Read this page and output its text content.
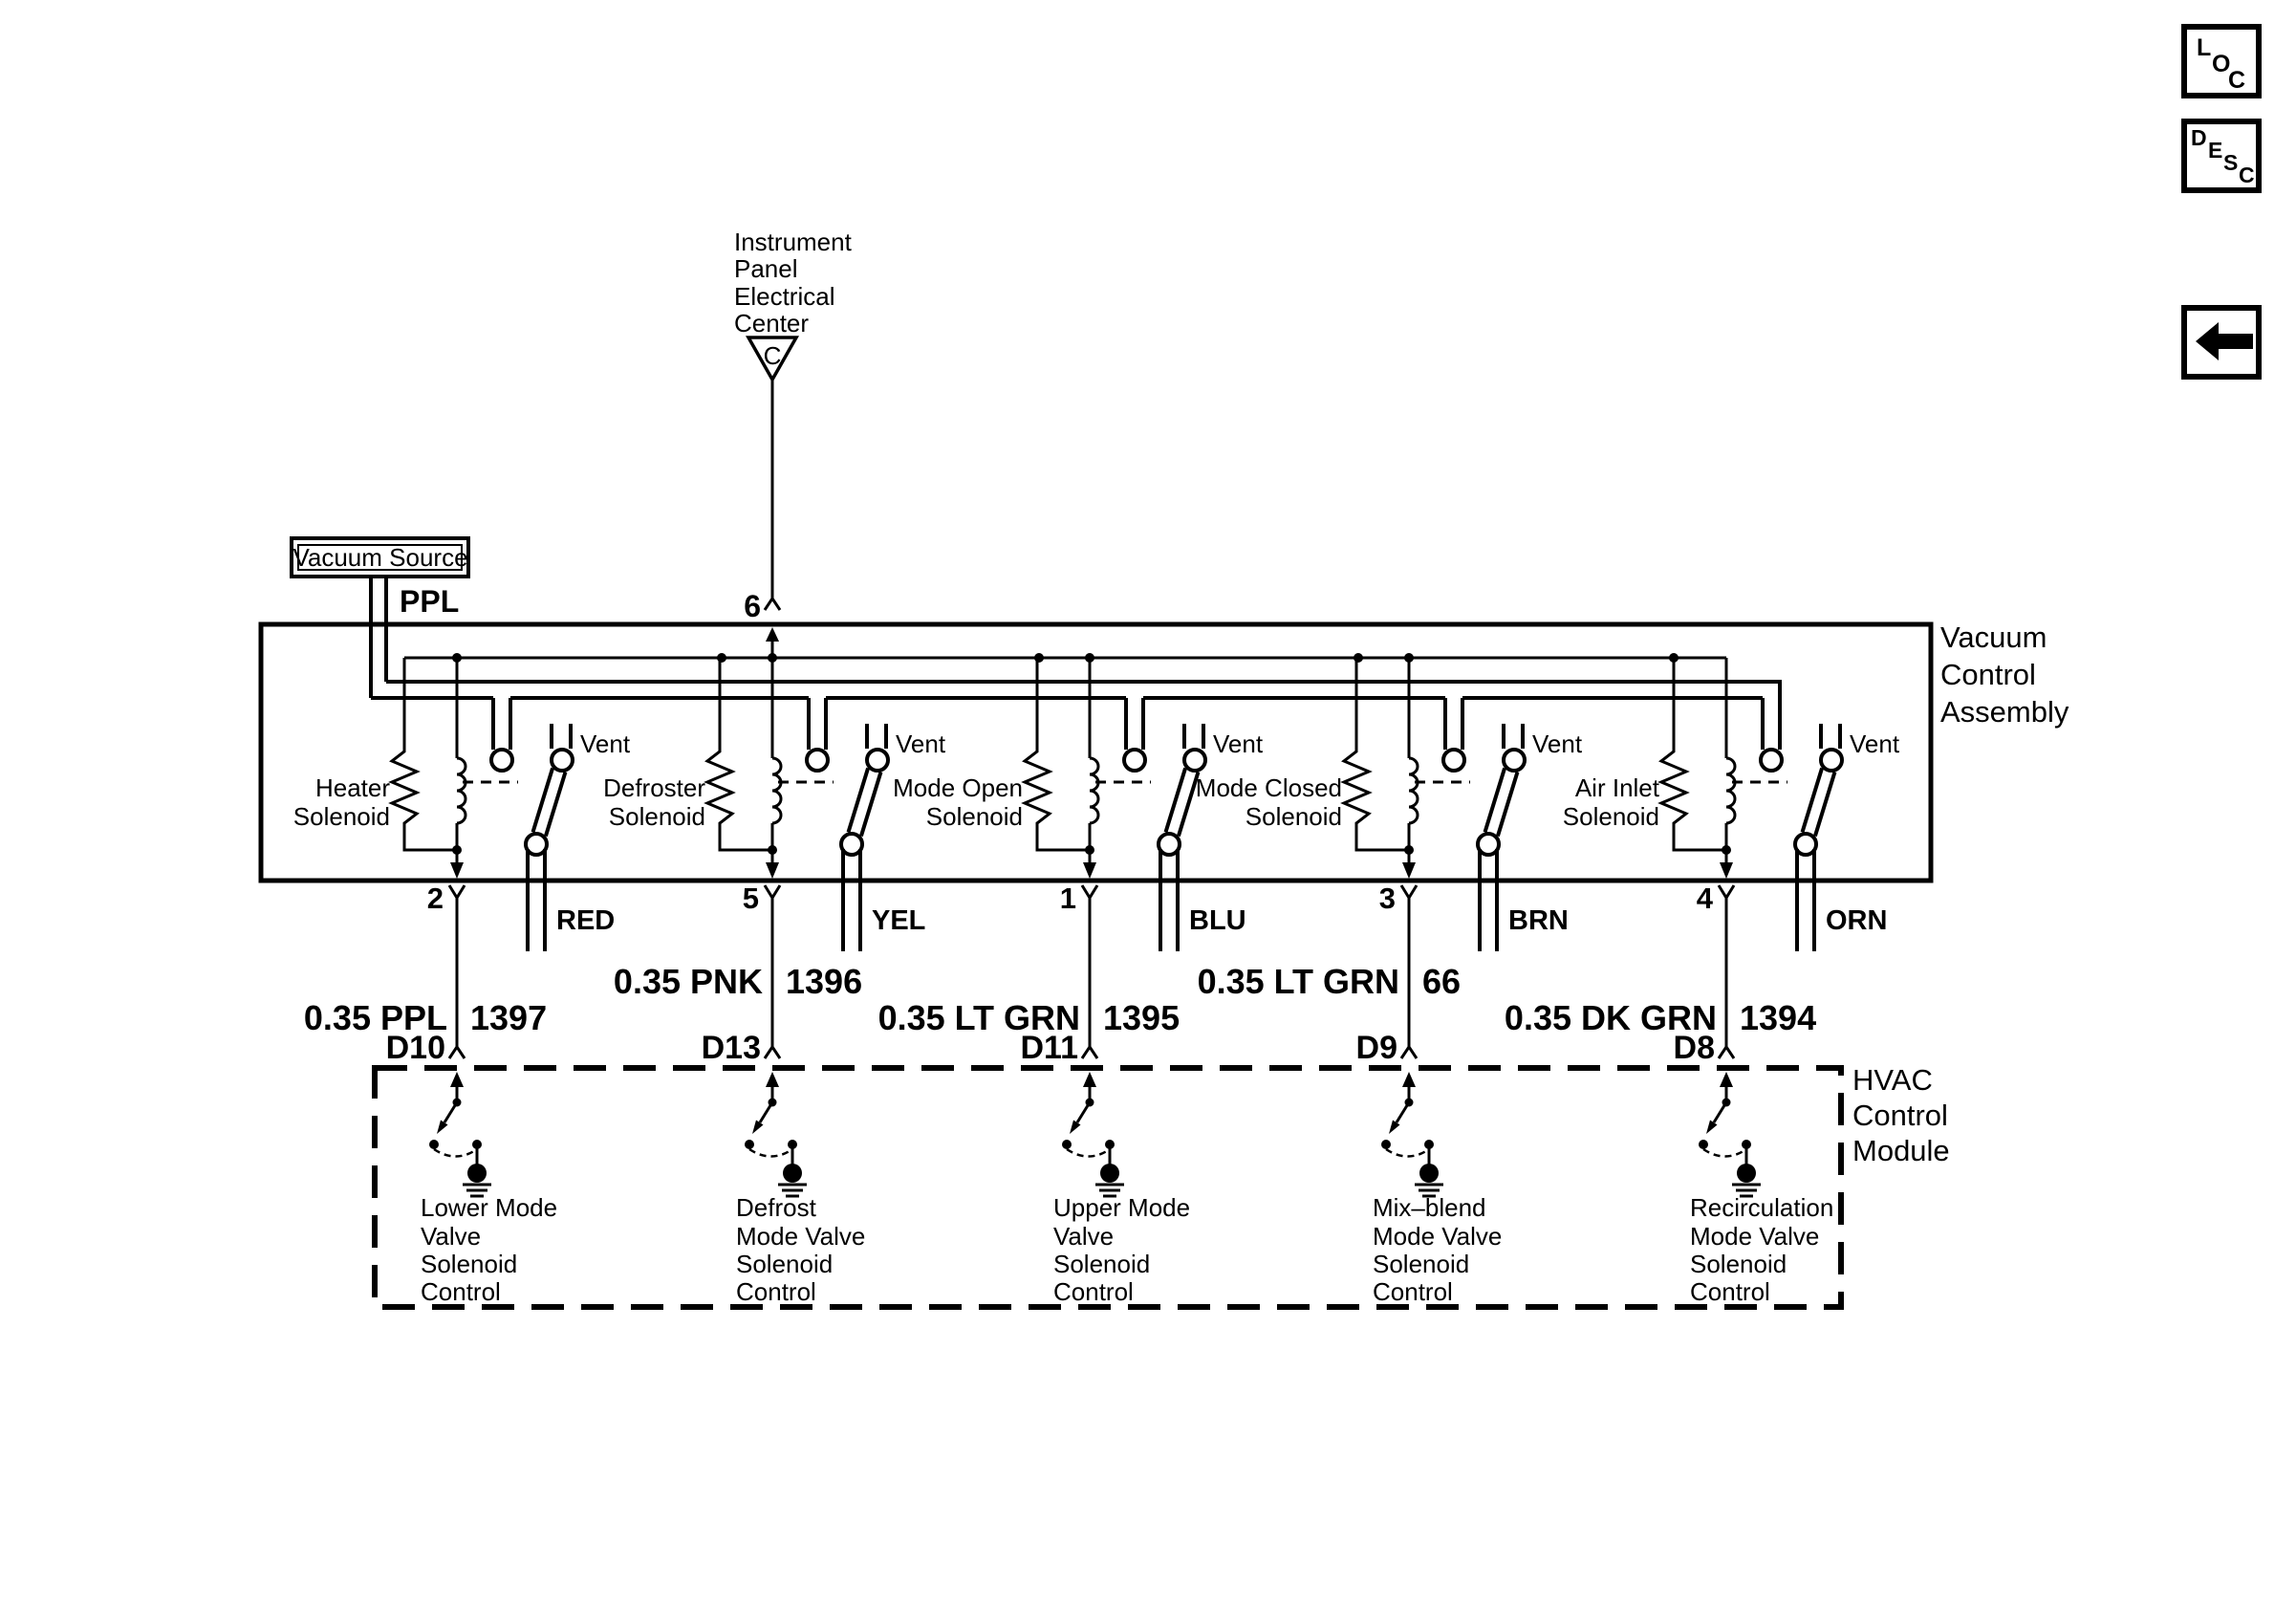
L
O
C
D E S C
Instrument
Panel
Electrical
Center
C
6
Vacuum Source
PPL
Vacuum
Control
Assembly
Heater
Solenoid
Vent
2
RED
0.35 PPL 1397
D10
Lower Mode
Valve
Solenoid
Control
Defroster
Solenoid
Vent
5
YEL
0.35 PNK 1396
D13
Defrost
Mode Valve
Solenoid
Control
Mode Open
Solenoid
Vent
1
BLU
0.35 LT GRN 1395
D11
Upper Mode
Valve
Solenoid
Control
Mode Closed
Solenoid
Vent
3
BRN
0.35 LT GRN 66
D9
Mix–blend
Mode Valve
Solenoid
Control
Air Inlet
Solenoid
Vent
4
ORN
0.35 DK GRN 1394
D8
Recirculation
Mode Valve
Solenoid
Control
HVAC
Control
Module
